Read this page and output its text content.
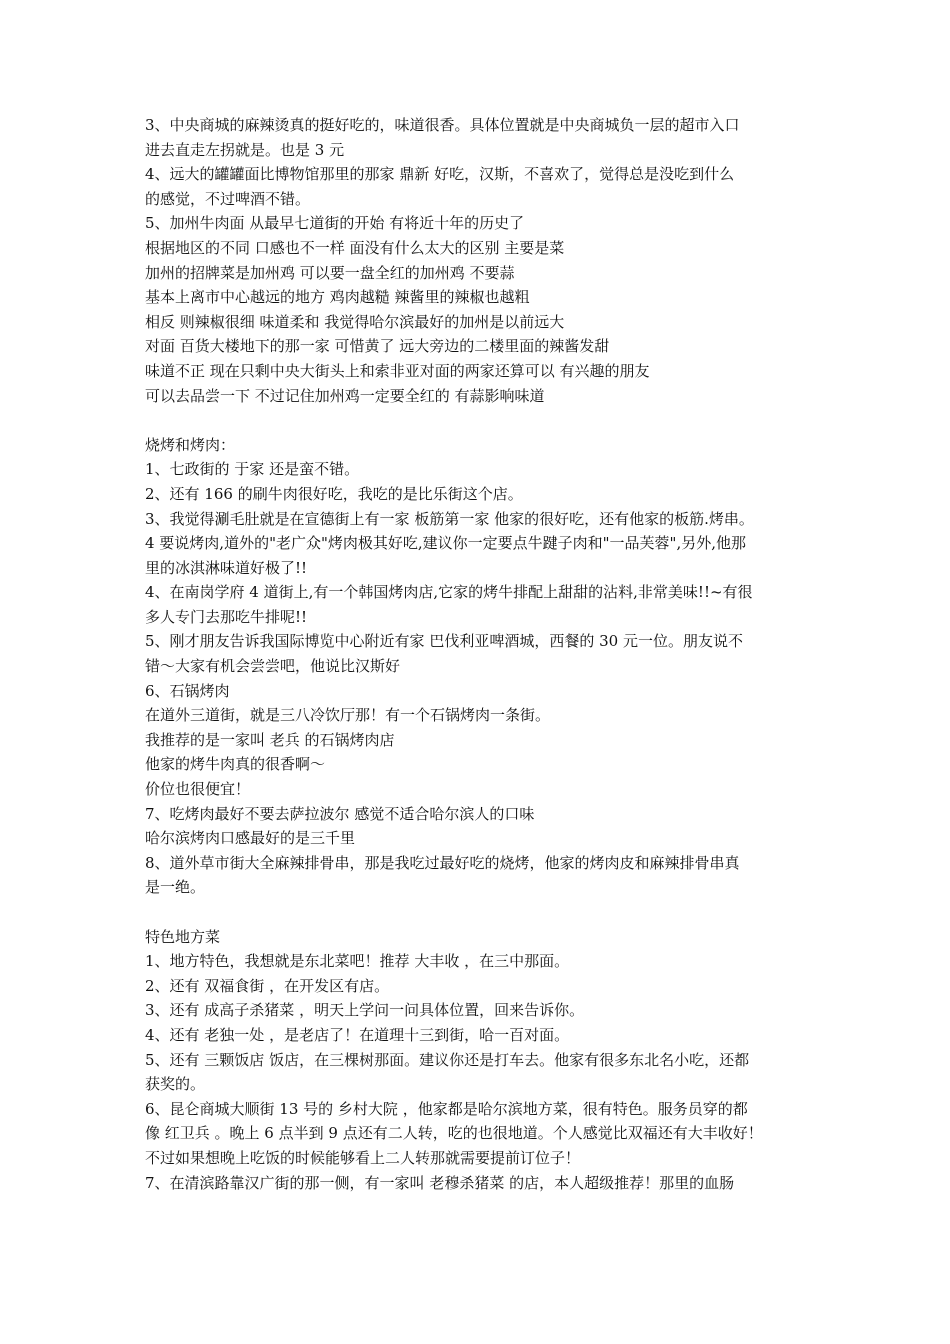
3、中央商城的麻辣烫真的挺好吃的，味道很香。具体位置就是中央商城负一层的超市入口

进去直走左拐就是。也是 3 元

4、远大的罐罐面比博物馆那里的那家 鼎新 好吃，汉斯，不喜欢了，觉得总是没吃到什么

的感觉，不过啤酒不错。

5、加州牛肉面 从最早七道街的开始 有将近十年的历史了

根据地区的不同 口感也不一样 面没有什么太大的区别 主要是菜

加州的招牌菜是加州鸡 可以要一盘全红的加州鸡 不要蒜

基本上离市中心越远的地方 鸡肉越糙 辣酱里的辣椒也越粗

相反 则辣椒很细 味道柔和 我觉得哈尔滨最好的加州是以前远大

对面 百货大楼地下的那一家 可惜黄了 远大旁边的二楼里面的辣酱发甜

味道不正 现在只剩中央大街头上和索非亚对面的两家还算可以 有兴趣的朋友

可以去品尝一下 不过记住加州鸡一定要全红的 有蒜影响味道

烧烤和烤肉：

1、七政街的 于家 还是蛮不错。

2、还有 166 的刷牛肉很好吃，我吃的是比乐街这个店。

3、我觉得涮毛肚就是在宣德街上有一家 板筋第一家 他家的很好吃，还有他家的板筋.烤串。

4 要说烤肉,道外的"老广众"烤肉极其好吃,建议你一定要点牛踺子肉和"一品芙蓉",另外,他那

里的冰淇淋味道好极了!!

4、在南岗学府 4 道街上,有一个韩国烤肉店,它家的烤牛排配上甜甜的沾料,非常美味!!~有很

多人专门去那吃牛排呢!!

5、刚才朋友告诉我国际博览中心附近有家 巴伐利亚啤酒城，西餐的 30 元一位。朋友说不

错～大家有机会尝尝吧，他说比汉斯好

6、石锅烤肉

在道外三道街，就是三八冷饮厅那！有一个石锅烤肉一条街。

我推荐的是一家叫 老兵 的石锅烤肉店

他家的烤牛肉真的很香啊～

价位也很便宜！

7、吃烤肉最好不要去萨拉波尔 感觉不适合哈尔滨人的口味

哈尔滨烤肉口感最好的是三千里

8、道外草市街大全麻辣排骨串，那是我吃过最好吃的烧烤，他家的烤肉皮和麻辣排骨串真

是一绝。

特色地方菜

1、地方特色，我想就是东北菜吧！推荐 大丰收 ，在三中那面。

2、还有 双福食街 ，在开发区有店。

3、还有 成高子杀猪菜 ，明天上学问一问具体位置，回来告诉你。

4、还有 老独一处 ，是老店了！在道理十三到街，哈一百对面。

5、还有 三颗饭店 饭店，在三棵树那面。建议你还是打车去。他家有很多东北名小吃，还都

获奖的。

6、昆仑商城大顺街 13 号的 乡村大院 ，他家都是哈尔滨地方菜，很有特色。服务员穿的都

像 红卫兵 。晚上 6 点半到 9 点还有二人转，吃的也很地道。个人感觉比双福还有大丰收好！

不过如果想晚上吃饭的时候能够看上二人转那就需要提前订位子！

7、在清滨路靠汉广街的那一侧，有一家叫 老穆杀猪菜 的店，本人超级推荐！那里的血肠
